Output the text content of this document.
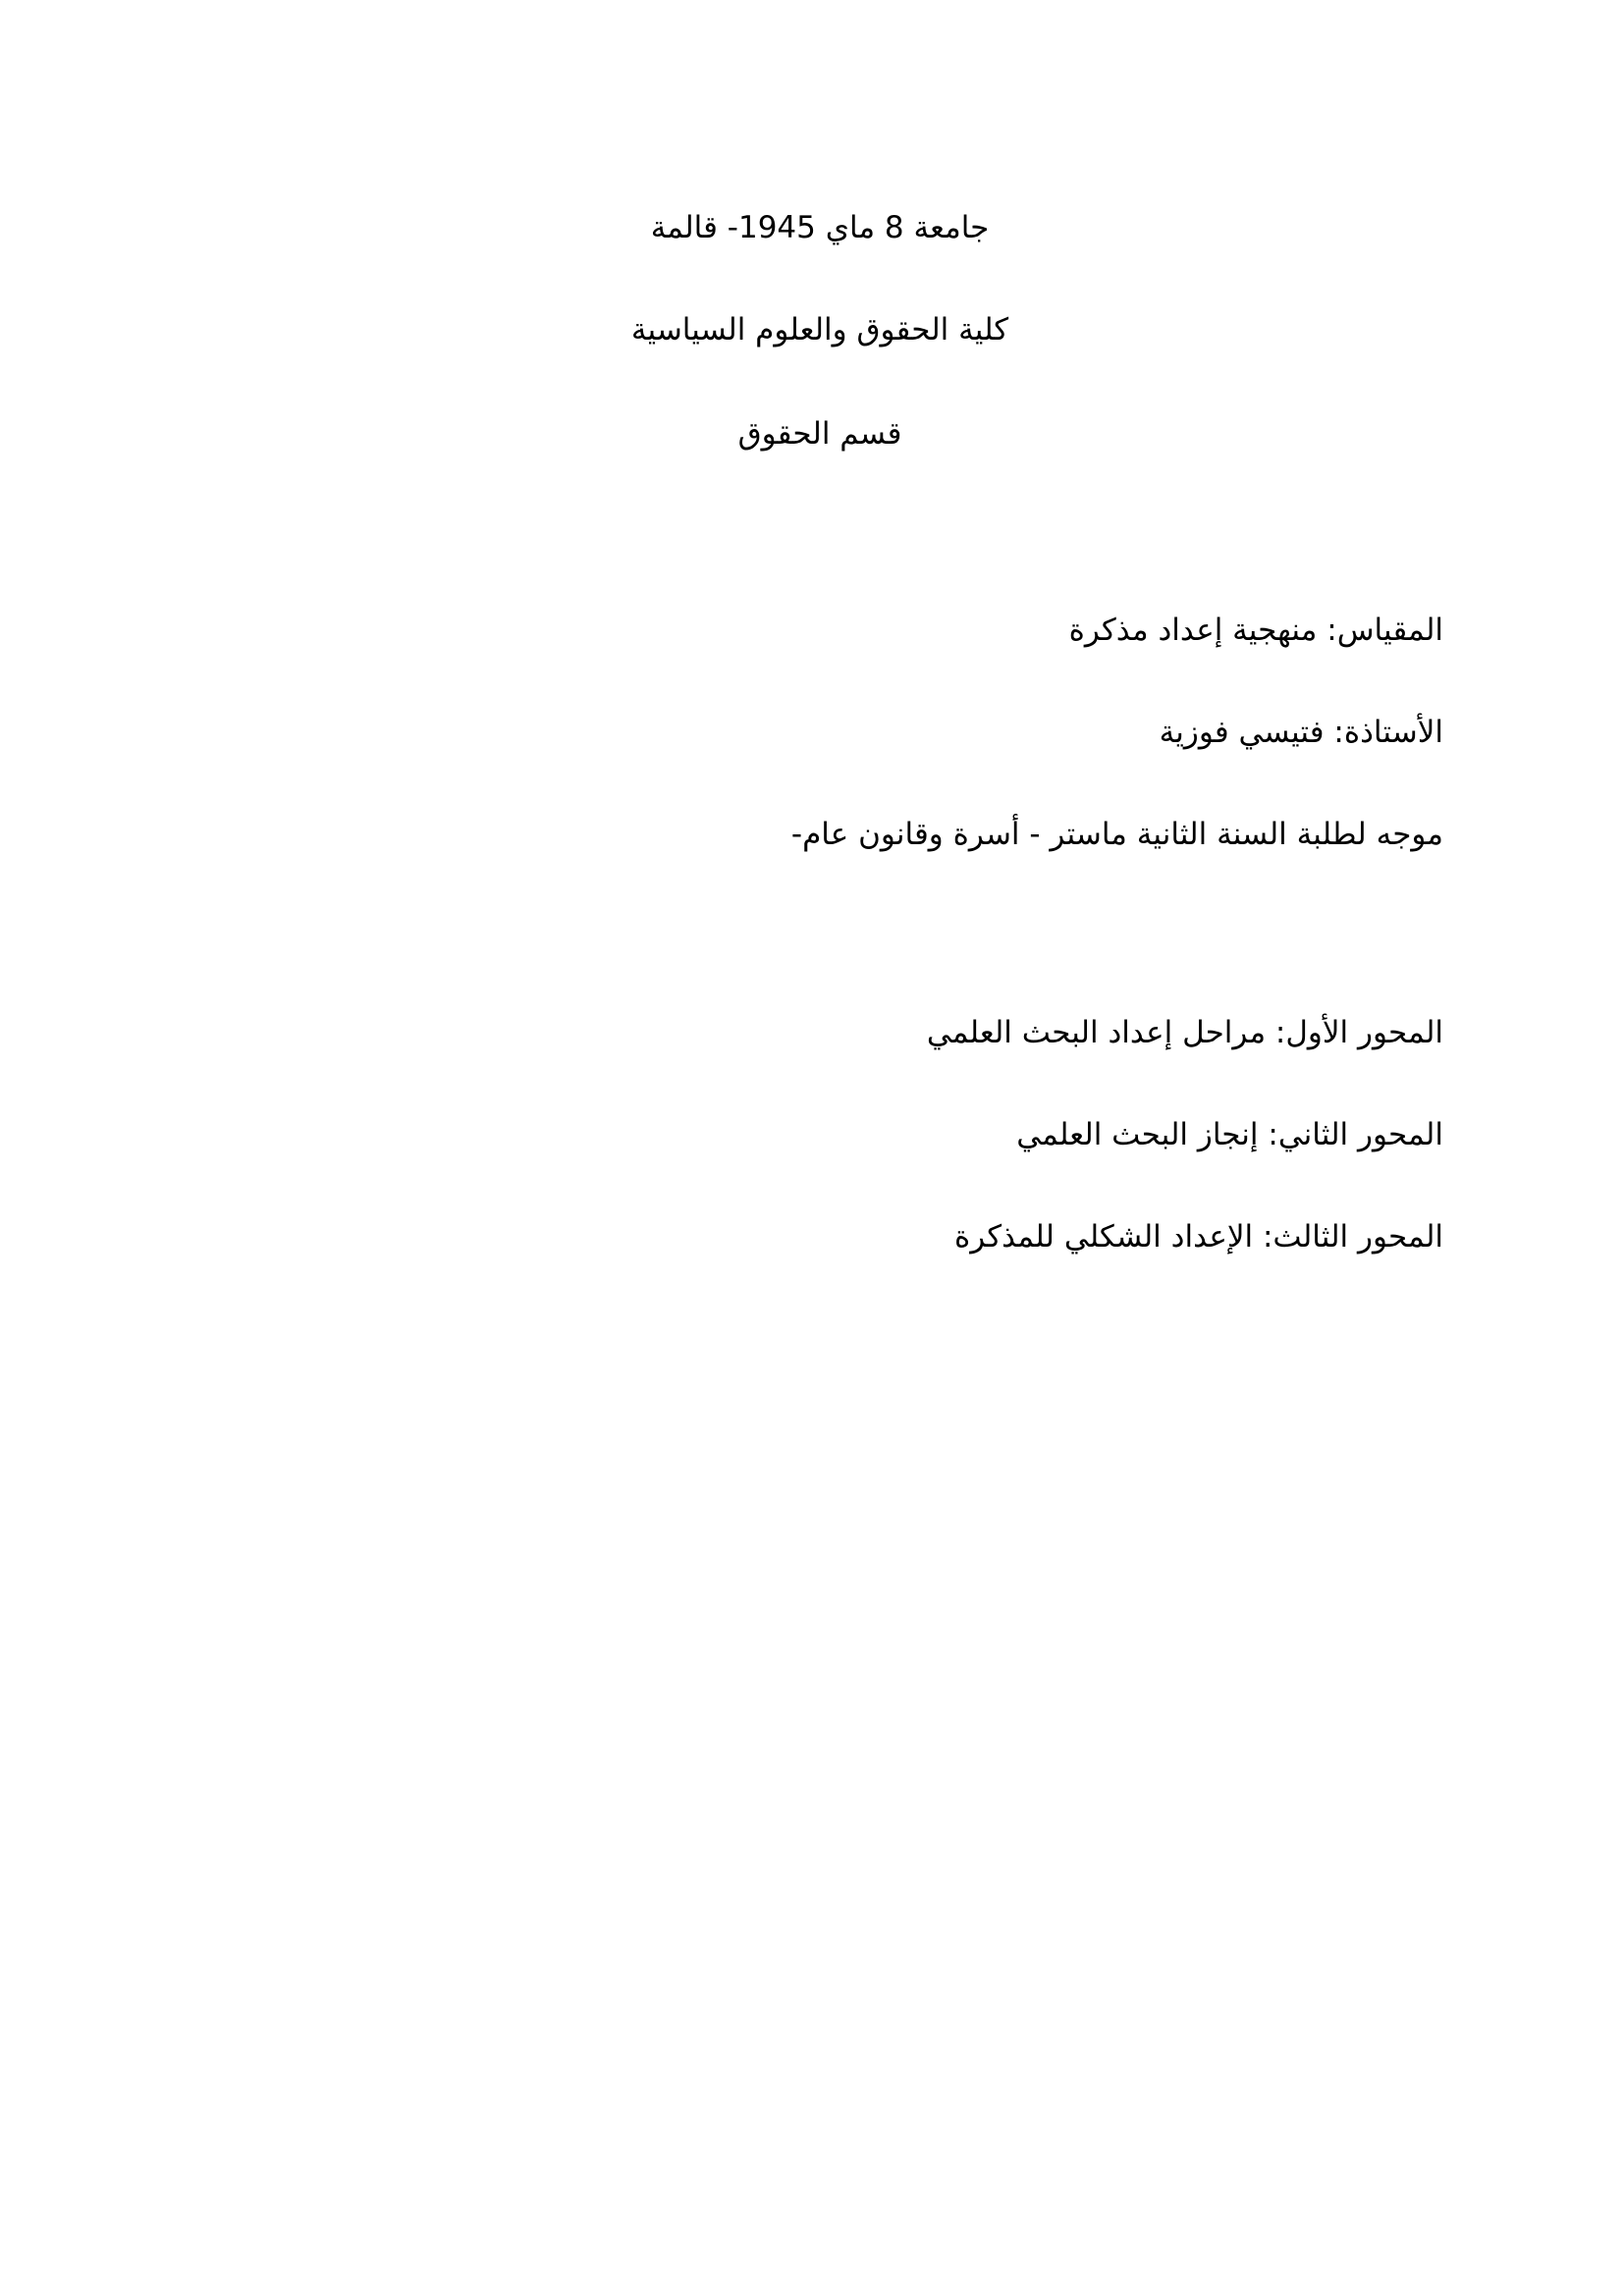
جامعة 8 ماي 1945- قالمة
كلية الحقوق والعلوم السياسية
قسم الحقوق
المقياس: منهجية إعداد مذكرة
الأستاذة: فتيسي فوزية
موجه لطلبة السنة الثانية ماستر - أسرة وقانون عام-
المحور الأول: مراحل إعداد البحث العلمي
المحور الثاني: إنجاز البحث العلمي
المحور الثالث: الإعداد الشكلي للمذكرة
